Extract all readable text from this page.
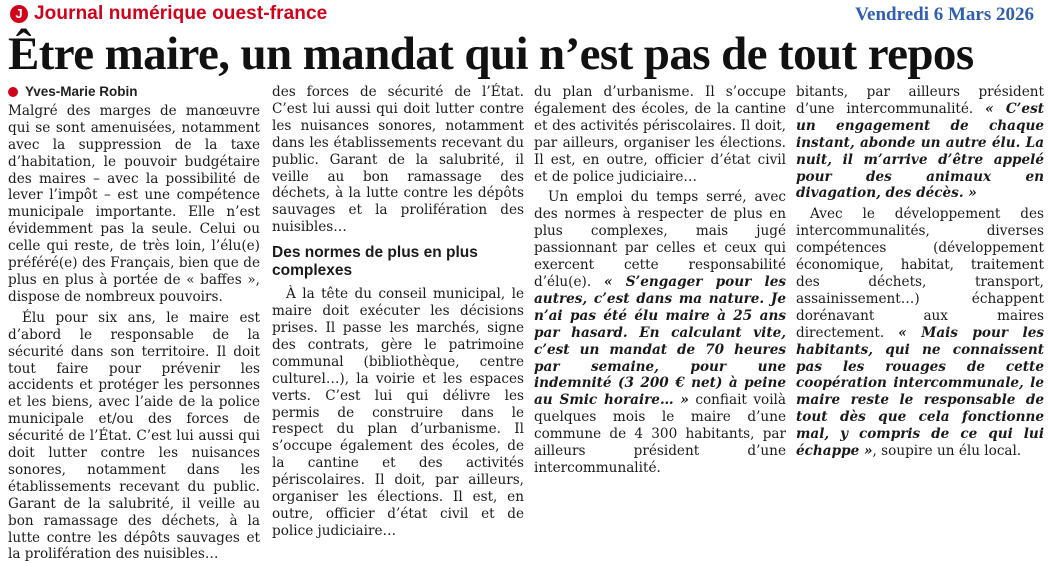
J Journal numérique ouest-france	Vendredi 6 Mars 2026
Être maire, un mandat qui n’est pas de tout repos
Yves-Marie Robin

Malgré des marges de manœuvre qui se sont amenuisées, notamment avec la suppression de la taxe d’habitation, le pouvoir budgétaire des maires – avec la possibilité de lever l’impôt – est une compétence municipale importante. Elle n’est évidemment pas la seule. Celui ou celle qui reste, de très loin, l’élu(e) préféré(e) des Français, bien que de plus en plus à portée de « baffes », dispose de nombreux pouvoirs.

Élu pour six ans, le maire est d’abord le responsable de la sécurité dans son territoire. Il doit tout faire pour prévenir les accidents et protéger les personnes et les biens, avec l’aide de la police municipale et/ou des forces de sécurité de l’État. C’est lui aussi qui doit lutter contre les nuisances sonores, notamment dans les établissements recevant du public. Garant de la salubrité, il veille au bon ramassage des déchets, à la lutte contre les dépôts sauvages et la prolifération des nuisibles…

des forces de sécurité de l’État. C’est lui aussi qui doit lutter contre les nuisances sonores, notamment dans les établissements recevant du public. Garant de la salubrité, il veille au bon ramassage des déchets, à la lutte contre les dépôts sauvages et la prolifération des nuisibles…

Des normes de plus en plus complexes

À la tête du conseil municipal, le maire doit exécuter les décisions prises. Il passe les marchés, signe des contrats, gère le patrimoine communal (bibliothèque, centre culturel…), la voirie et les espaces verts. C’est lui qui délivre les permis de construire dans le respect du plan d’urbanisme. Il s’occupe également des écoles, de la cantine et des activités périscolaires. Il doit, par ailleurs, organiser les élections. Il est, en outre, officier d’état civil et de police judiciaire…

du plan d’urbanisme. Il s’occupe également des écoles, de la cantine et des activités périscolaires. Il doit, par ailleurs, organiser les élections. Il est, en outre, officier d’état civil et de police judiciaire…

Un emploi du temps serré, avec des normes à respecter de plus en plus complexes, mais jugé passionnant par celles et ceux qui exercent cette responsabilité d’élu(e). « S’engager pour les autres, c’est dans ma nature. Je n’ai pas été élu maire à 25 ans par hasard. En calculant vite, c’est un mandat de 70 heures par semaine, pour une indemnité (3 200 € net) à peine au Smic horaire… » confiait voilà quelques mois le maire d’une commune de 4 300 habitants, par ailleurs président d’une intercommunalité.

bitants, par ailleurs président d’une intercommunalité. « C’est un engagement de chaque instant, abonde un autre élu. La nuit, il m’arrive d’être appelé pour des animaux en divagation, des décès. »

Avec le développement des intercommunalités, diverses compétences (développement économique, habitat, traitement des déchets, transport, assainissement…) échappent dorénavant aux maires directement. « Mais pour les habitants, qui ne connaissent pas les rouages de cette coopération intercommunale, le maire reste le responsable de tout dès que cela fonctionne mal, y compris de ce qui lui échappe », soupire un élu local.
